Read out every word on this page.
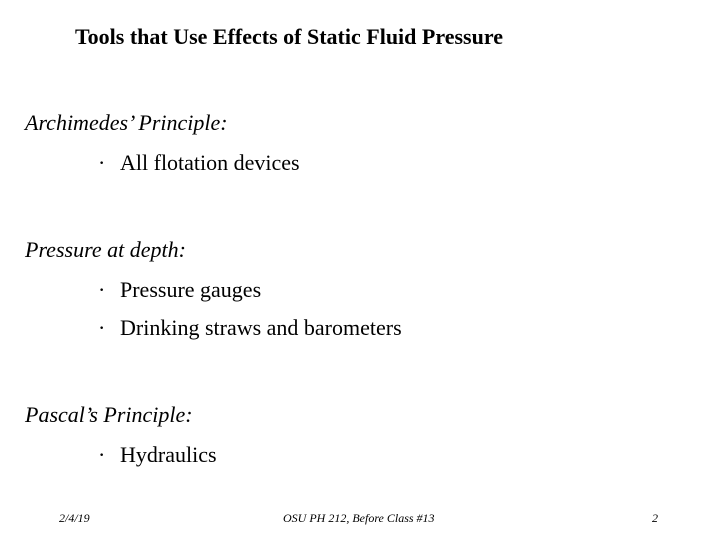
Tools that Use Effects of Static Fluid Pressure
Archimedes’ Principle:
· All flotation devices
Pressure at depth:
· Pressure gauges
· Drinking straws and barometers
Pascal’s Principle:
· Hydraulics
2/4/19	OSU PH 212, Before Class #13	2
